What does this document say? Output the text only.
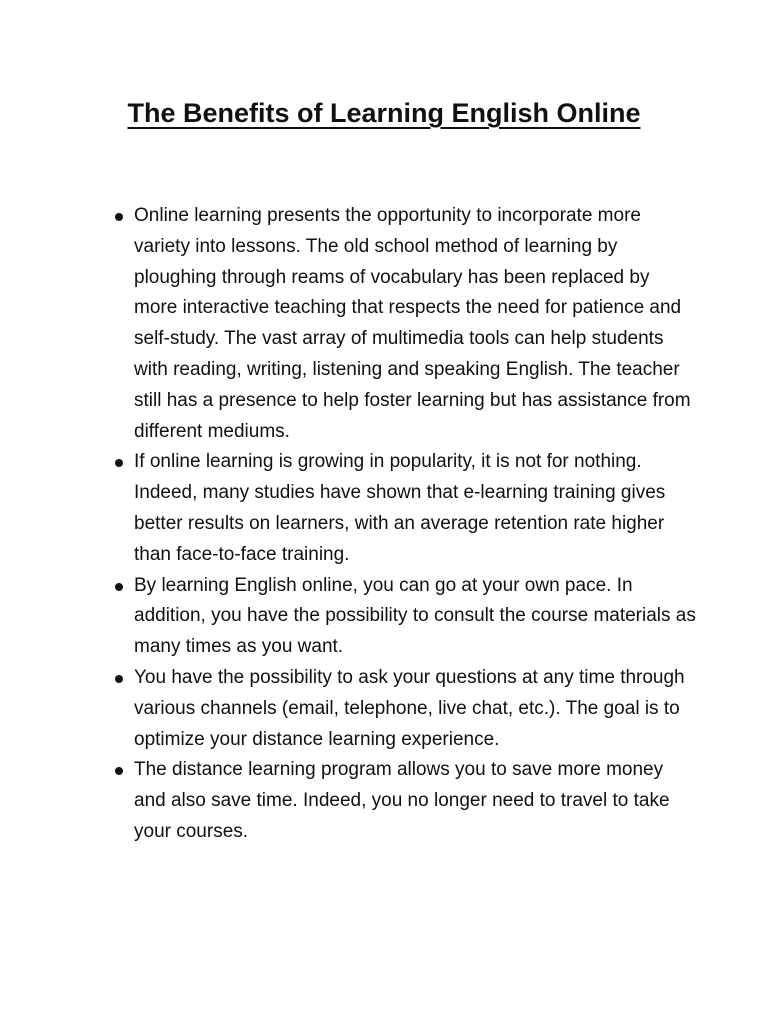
The Benefits of Learning English Online
Online learning presents the opportunity to incorporate more variety into lessons. The old school method of learning by ploughing through reams of vocabulary has been replaced by more interactive teaching that respects the need for patience and self-study. The vast array of multimedia tools can help students with reading, writing, listening and speaking English. The teacher still has a presence to help foster learning but has assistance from different mediums.
If online learning is growing in popularity, it is not for nothing. Indeed, many studies have shown that e-learning training gives better results on learners, with an average retention rate higher than face-to-face training.
By learning English online, you can go at your own pace. In addition, you have the possibility to consult the course materials as many times as you want.
You have the possibility to ask your questions at any time through various channels (email, telephone, live chat, etc.). The goal is to optimize your distance learning experience.
The distance learning program allows you to save more money and also save time. Indeed, you no longer need to travel to take your courses.
